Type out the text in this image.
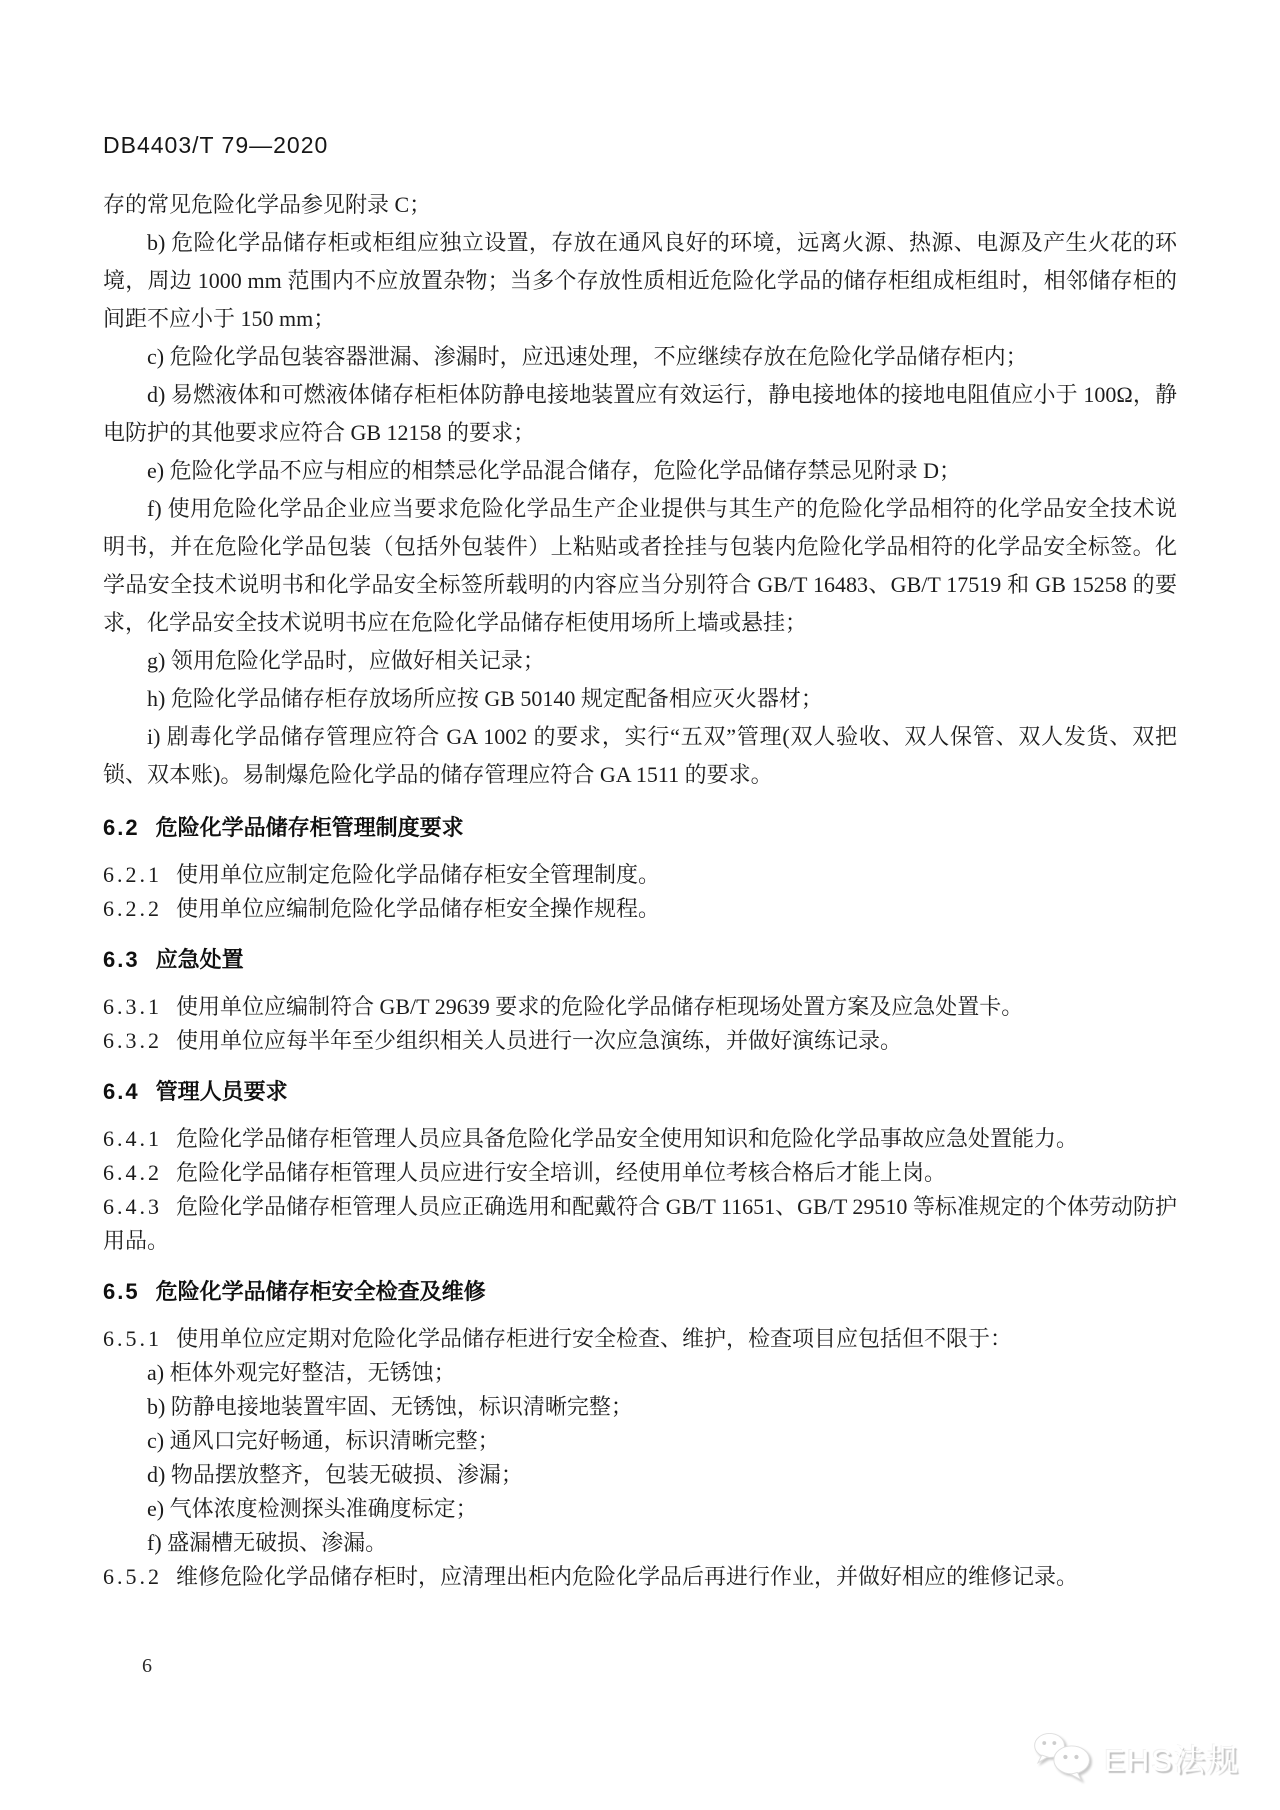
DB4403/T 79—2020

存的常见危险化学品参见附录 C；

b) 危险化学品储存柜或柜组应独立设置，存放在通风良好的环境，远离火源、热源、电源及产生火花的环境，周边 1000 mm 范围内不应放置杂物；当多个存放性质相近危险化学品的储存柜组成柜组时，相邻储存柜的间距不应小于 150 mm；

c) 危险化学品包装容器泄漏、渗漏时，应迅速处理，不应继续存放在危险化学品储存柜内；

d) 易燃液体和可燃液体储存柜柜体防静电接地装置应有效运行，静电接地体的接地电阻值应小于 100Ω，静电防护的其他要求应符合 GB 12158 的要求；

e) 危险化学品不应与相应的相禁忌化学品混合储存，危险化学品储存禁忌见附录 D；

f) 使用危险化学品企业应当要求危险化学品生产企业提供与其生产的危险化学品相符的化学品安全技术说明书，并在危险化学品包装（包括外包装件）上粘贴或者拴挂与包装内危险化学品相符的化学品安全标签。化学品安全技术说明书和化学品安全标签所载明的内容应当分别符合 GB/T 16483、GB/T 17519 和 GB 15258 的要求，化学品安全技术说明书应在危险化学品储存柜使用场所上墙或悬挂；

g) 领用危险化学品时，应做好相关记录；

h) 危险化学品储存柜存放场所应按 GB 50140 规定配备相应灭火器材；

i) 剧毒化学品储存管理应符合 GA 1002 的要求，实行“五双”管理(双人验收、双人保管、双人发货、双把锁、双本账)。易制爆危险化学品的储存管理应符合 GA 1511 的要求。

6.2 危险化学品储存柜管理制度要求

6.2.1 使用单位应制定危险化学品储存柜安全管理制度。

6.2.2 使用单位应编制危险化学品储存柜安全操作规程。

6.3 应急处置

6.3.1 使用单位应编制符合 GB/T 29639 要求的危险化学品储存柜现场处置方案及应急处置卡。

6.3.2 使用单位应每半年至少组织相关人员进行一次应急演练，并做好演练记录。

6.4 管理人员要求

6.4.1 危险化学品储存柜管理人员应具备危险化学品安全使用知识和危险化学品事故应急处置能力。

6.4.2 危险化学品储存柜管理人员应进行安全培训，经使用单位考核合格后才能上岗。

6.4.3 危险化学品储存柜管理人员应正确选用和配戴符合 GB/T 11651、GB/T 29510 等标准规定的个体劳动防护用品。

6.5 危险化学品储存柜安全检查及维修

6.5.1 使用单位应定期对危险化学品储存柜进行安全检查、维护，检查项目应包括但不限于：

a) 柜体外观完好整洁，无锈蚀；

b) 防静电接地装置牢固、无锈蚀，标识清晰完整；

c) 通风口完好畅通，标识清晰完整；

d) 物品摆放整齐，包装无破损、渗漏；

e) 气体浓度检测探头准确度标定；

f) 盛漏槽无破损、渗漏。

6.5.2 维修危险化学品储存柜时，应清理出柜内危险化学品后再进行作业，并做好相应的维修记录。

6
EHS法规
